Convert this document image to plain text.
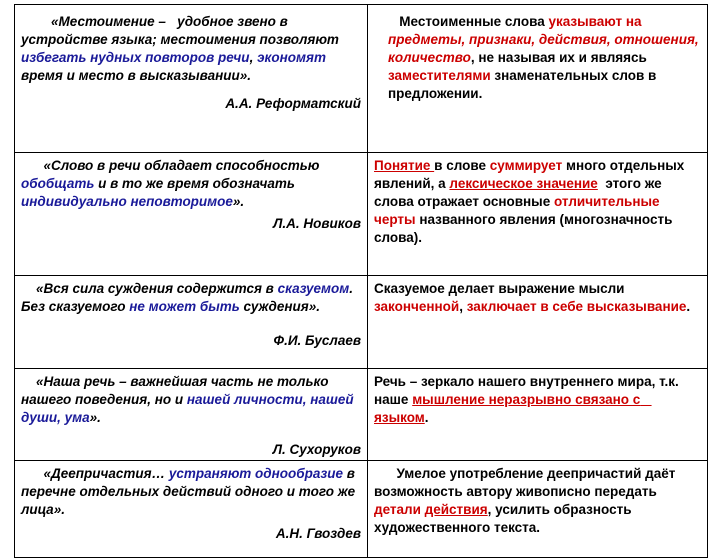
«Местоимение –   удобное звено в устройстве языка; местоимения позволяют избегать нудных повторов речи, экономят время и место в высказывании».
А.А. Реформатский	Местоименные слова указывают на предметы, признаки, действия, отношения, количество, не называя их и являясь заместителями знаменательных слов в предложении.

«Слово в речи обладает способностью обобщать и в то же время обозначать индивидуально неповторимое».
Л.А. Новиков	Понятие в слове суммирует много отдельных явлений, а лексическое значение  этого же слова отражает основные отличительные черты названного явления (многозначность слова).

«Вся сила суждения содержится в сказуемом. Без сказуемого не может быть суждения».
Ф.И. Буслаев	Сказуемое делает выражение мысли законченной, заключает в себе высказывание.

«Наша речь – важнейшая часть не только нашего поведения, но и нашей личности, нашей души, ума».
Л. Сухоруков	Речь – зеркало нашего внутреннего мира, т.к. наше мышление неразрывно связано с   языком.

«Деепричастия… устраняют однообразие в перечне отдельных действий одного и того же лица».
А.Н. Гвоздев	Умелое употребление деепричастий даёт возможность автору живописно передать детали действия, усилить образность художественного текста.
